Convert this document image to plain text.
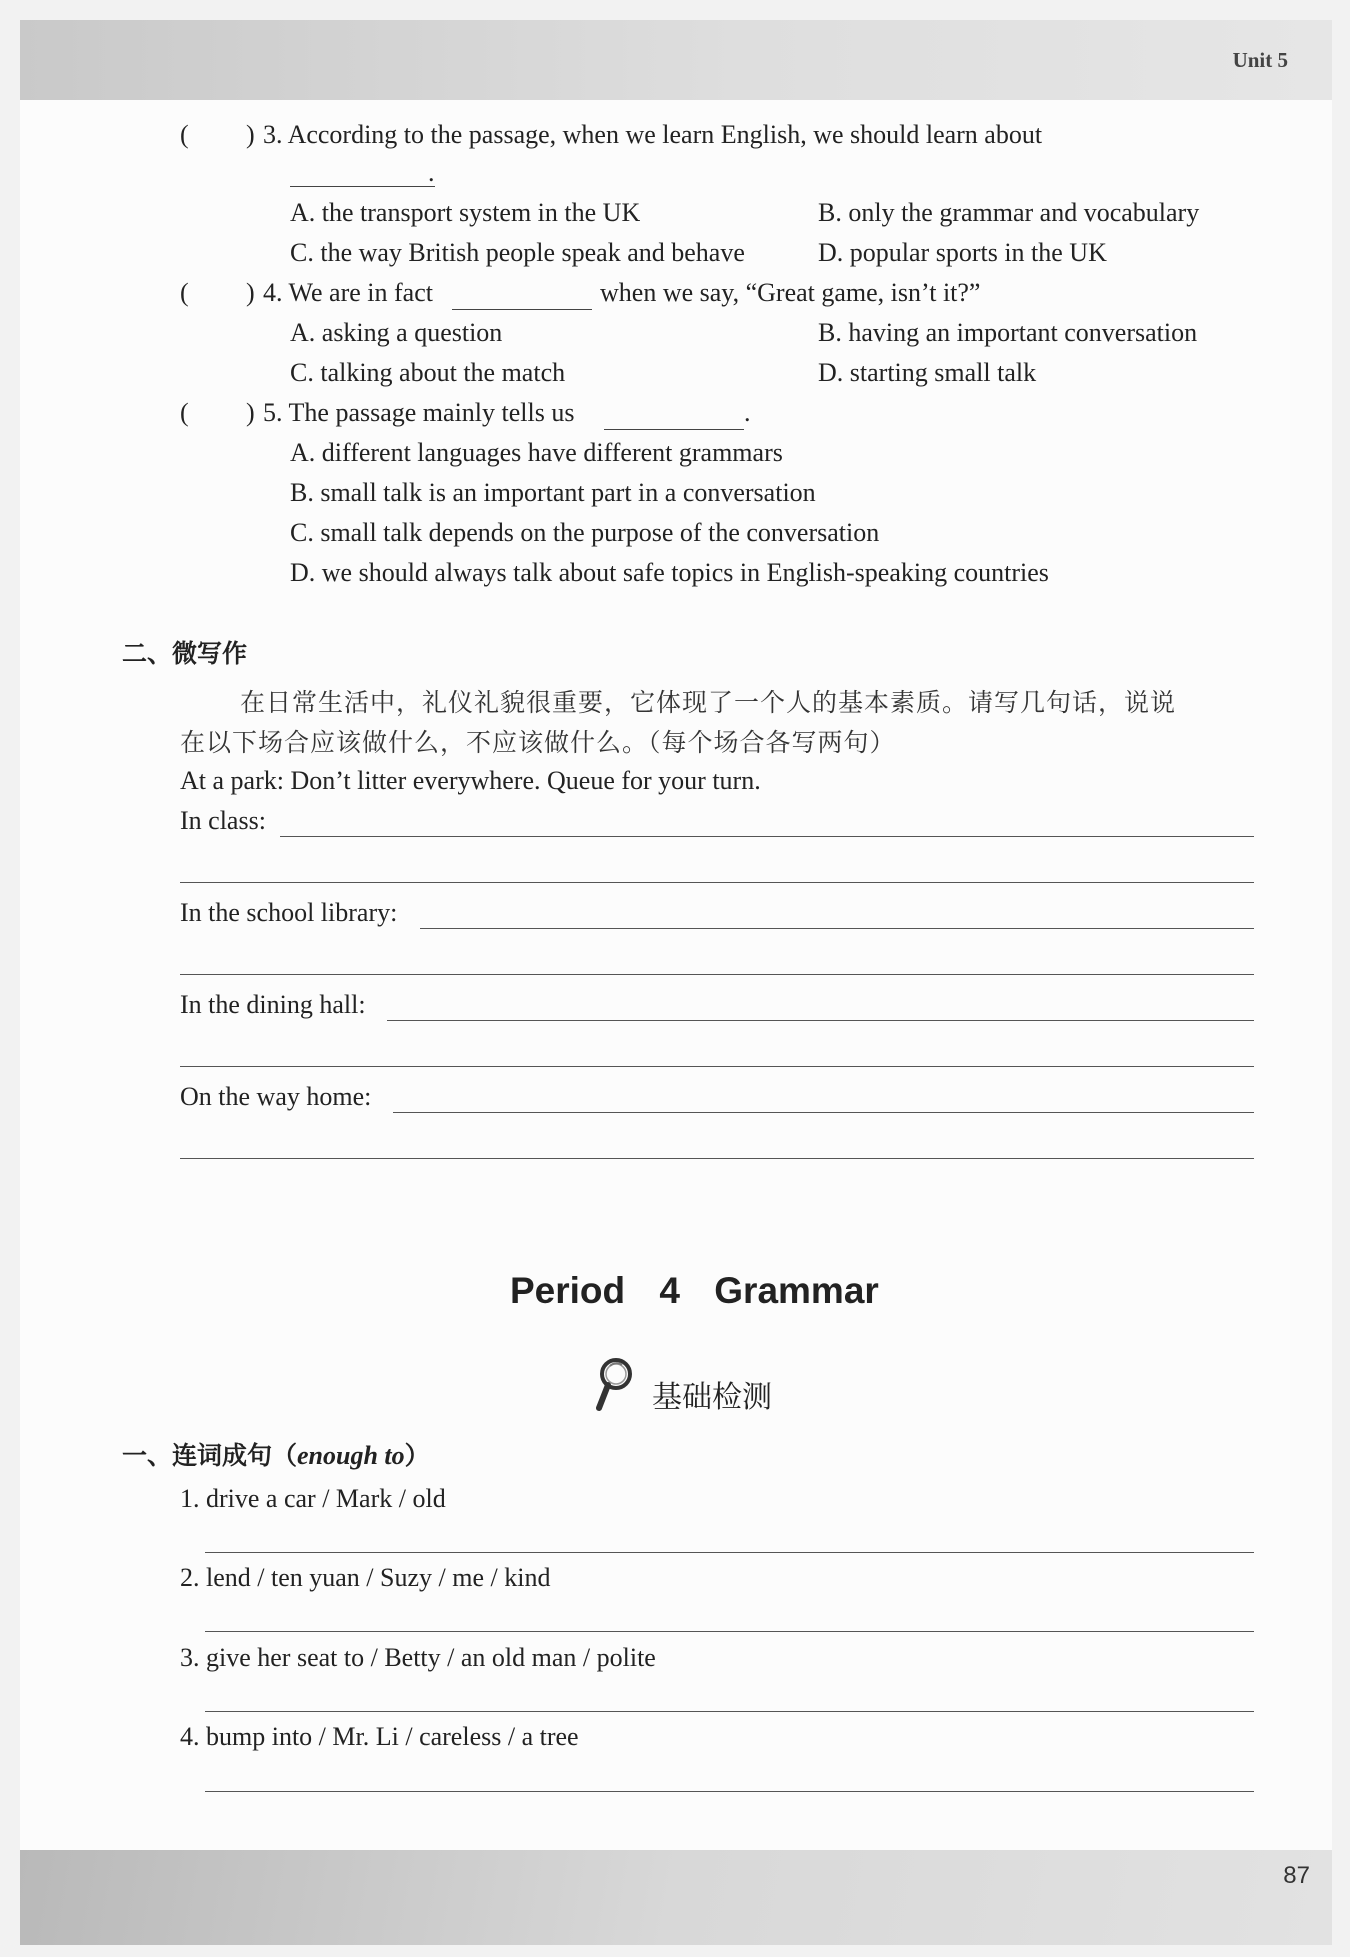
Unit 5
( ) 3. According to the passage, when we learn English, we should learn about
.
A. the transport system in the UK	B. only the grammar and vocabulary
C. the way British people speak and behave	D. popular sports in the UK
( ) 4. We are in fact	when we say, “Great game, isn’t it?”
A. asking a question	B. having an important conversation
C. talking about the match	D. starting small talk
( ) 5. The passage mainly tells us	.
A. different languages have different grammars
B. small talk is an important part in a conversation
C. small talk depends on the purpose of the conversation
D. we should always talk about safe topics in English-speaking countries
二、微写作
在日常生活中，礼仪礼貌很重要，它体现了一个人的基本素质。请写几句话，说说
在以下场合应该做什么，不应该做什么。（每个场合各写两句）
At a park: Don’t litter everywhere. Queue for your turn.
In class:
In the school library:
In the dining hall:
On the way home:
Period 4 Grammar
基础检测
一、连词成句（enough to）
1. drive a car / Mark / old
2. lend / ten yuan / Suzy / me / kind
3. give her seat to / Betty / an old man / polite
4. bump into / Mr. Li / careless / a tree
87
